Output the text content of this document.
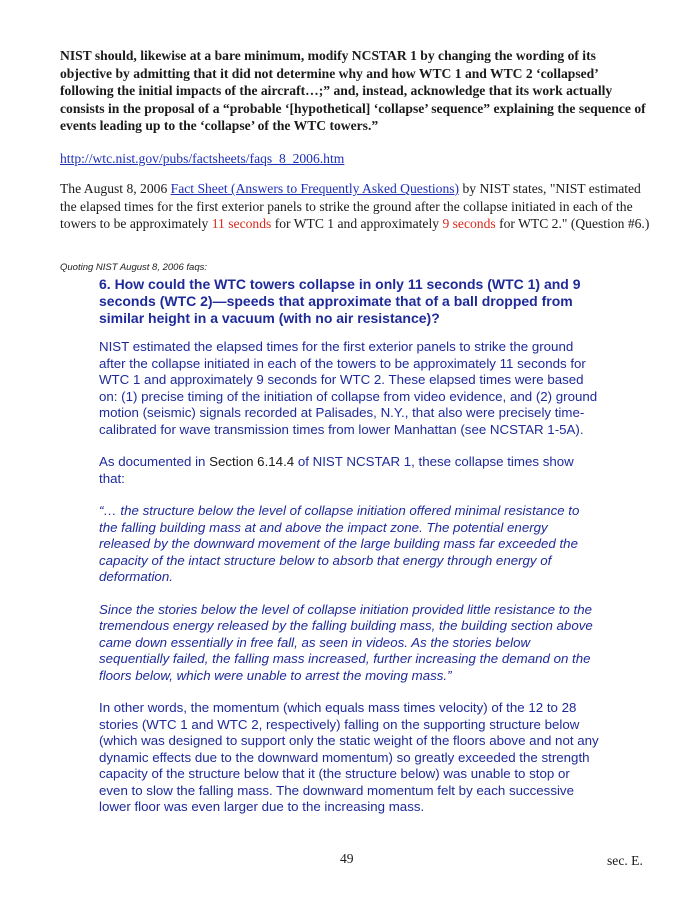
NIST should, likewise at a bare minimum, modify NCSTAR 1 by changing the wording of its objective by admitting that it did not determine why and how WTC 1 and WTC 2 ‘collapsed’ following the initial impacts of the aircraft…;” and, instead, acknowledge that its work actually consists in the proposal of a “probable ‘[hypothetical] ‘collapse’ sequence” explaining the sequence of events leading up to the ‘collapse’ of the WTC towers.”
http://wtc.nist.gov/pubs/factsheets/faqs_8_2006.htm
The August 8, 2006 Fact Sheet (Answers to Frequently Asked Questions) by NIST states, "NIST estimated the elapsed times for the first exterior panels to strike the ground after the collapse initiated in each of the towers to be approximately 11 seconds for WTC 1 and approximately 9 seconds for WTC 2." (Question #6.)
Quoting NIST August 8, 2006 faqs:

6. How could the WTC towers collapse in only 11 seconds (WTC 1) and 9 seconds (WTC 2)—speeds that approximate that of a ball dropped from similar height in a vacuum (with no air resistance)?

NIST estimated the elapsed times for the first exterior panels to strike the ground after the collapse initiated in each of the towers to be approximately 11 seconds for WTC 1 and approximately 9 seconds for WTC 2. These elapsed times were based on: (1) precise timing of the initiation of collapse from video evidence, and (2) ground motion (seismic) signals recorded at Palisades, N.Y., that also were precisely time-calibrated for wave transmission times from lower Manhattan (see NCSTAR 1-5A).

As documented in Section 6.14.4 of NIST NCSTAR 1, these collapse times show that:

“… the structure below the level of collapse initiation offered minimal resistance to the falling building mass at and above the impact zone. The potential energy released by the downward movement of the large building mass far exceeded the capacity of the intact structure below to absorb that energy through energy of deformation.

Since the stories below the level of collapse initiation provided little resistance to the tremendous energy released by the falling building mass, the building section above came down essentially in free fall, as seen in videos. As the stories below sequentially failed, the falling mass increased, further increasing the demand on the floors below, which were unable to arrest the moving mass.”

In other words, the momentum (which equals mass times velocity) of the 12 to 28 stories (WTC 1 and WTC 2, respectively) falling on the supporting structure below (which was designed to support only the static weight of the floors above and not any dynamic effects due to the downward momentum) so greatly exceeded the strength capacity of the structure below that it (the structure below) was unable to stop or even to slow the falling mass. The downward momentum felt by each successive lower floor was even larger due to the increasing mass.

49	sec. E.
